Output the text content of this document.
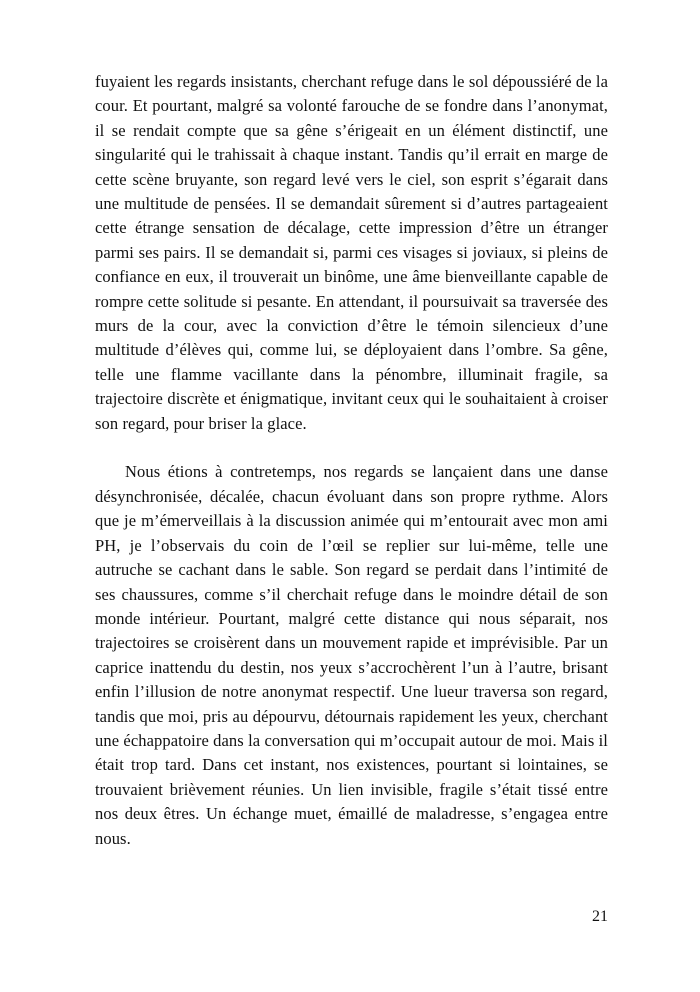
fuyaient les regards insistants, cherchant refuge dans le sol dépoussiéré de la cour. Et pourtant, malgré sa volonté farouche de se fondre dans l’anonymat, il se rendait compte que sa gêne s’érigeait en un élément distinctif, une singularité qui le trahissait à chaque instant. Tandis qu’il errait en marge de cette scène bruyante, son regard levé vers le ciel, son esprit s’égarait dans une multitude de pensées. Il se demandait sûrement si d’autres partageaient cette étrange sensation de décalage, cette impression d’être un étranger parmi ses pairs. Il se demandait si, parmi ces visages si joviaux, si pleins de confiance en eux, il trouverait un binôme, une âme bienveillante capable de rompre cette solitude si pesante. En attendant, il poursuivait sa traversée des murs de la cour, avec la conviction d’être le témoin silencieux d’une multitude d’élèves qui, comme lui, se déployaient dans l’ombre. Sa gêne, telle une flamme vacillante dans la pénombre, illuminait fragile, sa trajectoire discrète et énigmatique, invitant ceux qui le souhaitaient à croiser son regard, pour briser la glace.

Nous étions à contretemps, nos regards se lançaient dans une danse désynchronisée, décalée, chacun évoluant dans son propre rythme. Alors que je m’émerveillais à la discussion animée qui m’entourait avec mon ami PH, je l’observais du coin de l’œil se replier sur lui-même, telle une autruche se cachant dans le sable. Son regard se perdait dans l’intimité de ses chaussures, comme s’il cherchait refuge dans le moindre détail de son monde intérieur. Pourtant, malgré cette distance qui nous séparait, nos trajectoires se croisèrent dans un mouvement rapide et imprévisible. Par un caprice inattendu du destin, nos yeux s’accrochèrent l’un à l’autre, brisant enfin l’illusion de notre anonymat respectif. Une lueur traversa son regard, tandis que moi, pris au dépourvu, détournais rapidement les yeux, cherchant une échappatoire dans la conversation qui m’occupait autour de moi. Mais il était trop tard. Dans cet instant, nos existences, pourtant si lointaines, se trouvaient brièvement réunies. Un lien invisible, fragile s’était tissé entre nos deux êtres. Un échange muet, émaillé de maladresse, s’engagea entre nous.

21
